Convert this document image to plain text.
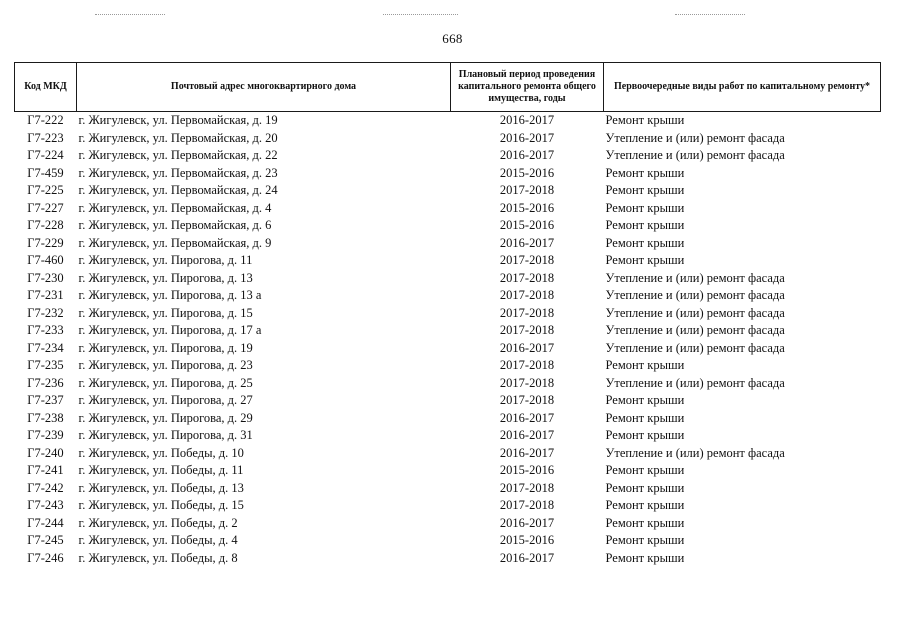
668
Код МКД	Почтовый адрес многоквартирного дома	Плановый период проведения капитального ремонта общего имущества, годы	Первоочередные виды работ по капитальному ремонту*
Г7-222	г. Жигулевск, ул. Первомайская, д. 19	2016-2017	Ремонт крыши
Г7-223	г. Жигулевск, ул. Первомайская, д. 20	2016-2017	Утепление и (или) ремонт фасада
Г7-224	г. Жигулевск, ул. Первомайская, д. 22	2016-2017	Утепление и (или) ремонт фасада
Г7-459	г. Жигулевск, ул. Первомайская, д. 23	2015-2016	Ремонт крыши
Г7-225	г. Жигулевск, ул. Первомайская, д. 24	2017-2018	Ремонт крыши
Г7-227	г. Жигулевск, ул. Первомайская, д. 4	2015-2016	Ремонт крыши
Г7-228	г. Жигулевск, ул. Первомайская, д. 6	2015-2016	Ремонт крыши
Г7-229	г. Жигулевск, ул. Первомайская, д. 9	2016-2017	Ремонт крыши
Г7-460	г. Жигулевск, ул. Пирогова, д. 11	2017-2018	Ремонт крыши
Г7-230	г. Жигулевск, ул. Пирогова, д. 13	2017-2018	Утепление и (или) ремонт фасада
Г7-231	г. Жигулевск, ул. Пирогова, д. 13 а	2017-2018	Утепление и (или) ремонт фасада
Г7-232	г. Жигулевск, ул. Пирогова, д. 15	2017-2018	Утепление и (или) ремонт фасада
Г7-233	г. Жигулевск, ул. Пирогова, д. 17 а	2017-2018	Утепление и (или) ремонт фасада
Г7-234	г. Жигулевск, ул. Пирогова, д. 19	2016-2017	Утепление и (или) ремонт фасада
Г7-235	г. Жигулевск, ул. Пирогова, д. 23	2017-2018	Ремонт крыши
Г7-236	г. Жигулевск, ул. Пирогова, д. 25	2017-2018	Утепление и (или) ремонт фасада
Г7-237	г. Жигулевск, ул. Пирогова, д. 27	2017-2018	Ремонт крыши
Г7-238	г. Жигулевск, ул. Пирогова, д. 29	2016-2017	Ремонт крыши
Г7-239	г. Жигулевск, ул. Пирогова, д. 31	2016-2017	Ремонт крыши
Г7-240	г. Жигулевск, ул. Победы, д. 10	2016-2017	Утепление и (или) ремонт фасада
Г7-241	г. Жигулевск, ул. Победы, д. 11	2015-2016	Ремонт крыши
Г7-242	г. Жигулевск, ул. Победы, д. 13	2017-2018	Ремонт крыши
Г7-243	г. Жигулевск, ул. Победы, д. 15	2017-2018	Ремонт крыши
Г7-244	г. Жигулевск, ул. Победы, д. 2	2016-2017	Ремонт крыши
Г7-245	г. Жигулевск, ул. Победы, д. 4	2015-2016	Ремонт крыши
Г7-246	г. Жигулевск, ул. Победы, д. 8	2016-2017	Ремонт крыши
